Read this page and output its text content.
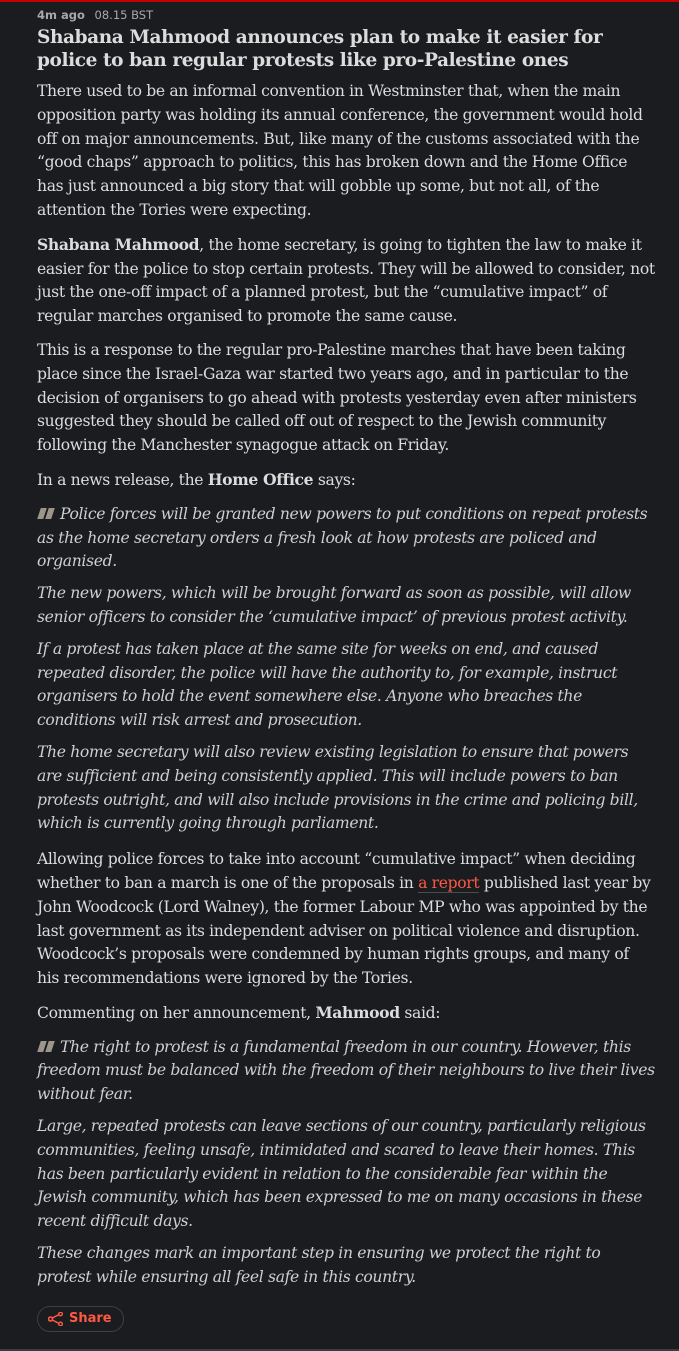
4m ago 08.15 BST
Shabana Mahmood announces plan to make it easier for police to ban regular protests like pro-Palestine ones

There used to be an informal convention in Westminster that, when the main opposition party was holding its annual conference, the government would hold off on major announcements. But, like many of the customs associated with the “good chaps” approach to politics, this has broken down and the Home Office has just announced a big story that will gobble up some, but not all, of the attention the Tories were expecting.

Shabana Mahmood, the home secretary, is going to tighten the law to make it easier for the police to stop certain protests. They will be allowed to consider, not just the one-off impact of a planned protest, but the “cumulative impact” of regular marches organised to promote the same cause.

This is a response to the regular pro-Palestine marches that have been taking place since the Israel-Gaza war started two years ago, and in particular to the decision of organisers to go ahead with protests yesterday even after ministers suggested they should be called off out of respect to the Jewish community following the Manchester synagogue attack on Friday.

In a news release, the Home Office says:

Police forces will be granted new powers to put conditions on repeat protests as the home secretary orders a fresh look at how protests are policed and organised.

The new powers, which will be brought forward as soon as possible, will allow senior officers to consider the ‘cumulative impact’ of previous protest activity.

If a protest has taken place at the same site for weeks on end, and caused repeated disorder, the police will have the authority to, for example, instruct organisers to hold the event somewhere else. Anyone who breaches the conditions will risk arrest and prosecution.

The home secretary will also review existing legislation to ensure that powers are sufficient and being consistently applied. This will include powers to ban protests outright, and will also include provisions in the crime and policing bill, which is currently going through parliament.

Allowing police forces to take into account “cumulative impact” when deciding whether to ban a march is one of the proposals in a report published last year by John Woodcock (Lord Walney), the former Labour MP who was appointed by the last government as its independent adviser on political violence and disruption. Woodcock’s proposals were condemned by human rights groups, and many of his recommendations were ignored by the Tories.

Commenting on her announcement, Mahmood said:

The right to protest is a fundamental freedom in our country. However, this freedom must be balanced with the freedom of their neighbours to live their lives without fear.

Large, repeated protests can leave sections of our country, particularly religious communities, feeling unsafe, intimidated and scared to leave their homes. This has been particularly evident in relation to the considerable fear within the Jewish community, which has been expressed to me on many occasions in these recent difficult days.

These changes mark an important step in ensuring we protect the right to protest while ensuring all feel safe in this country.

Share
